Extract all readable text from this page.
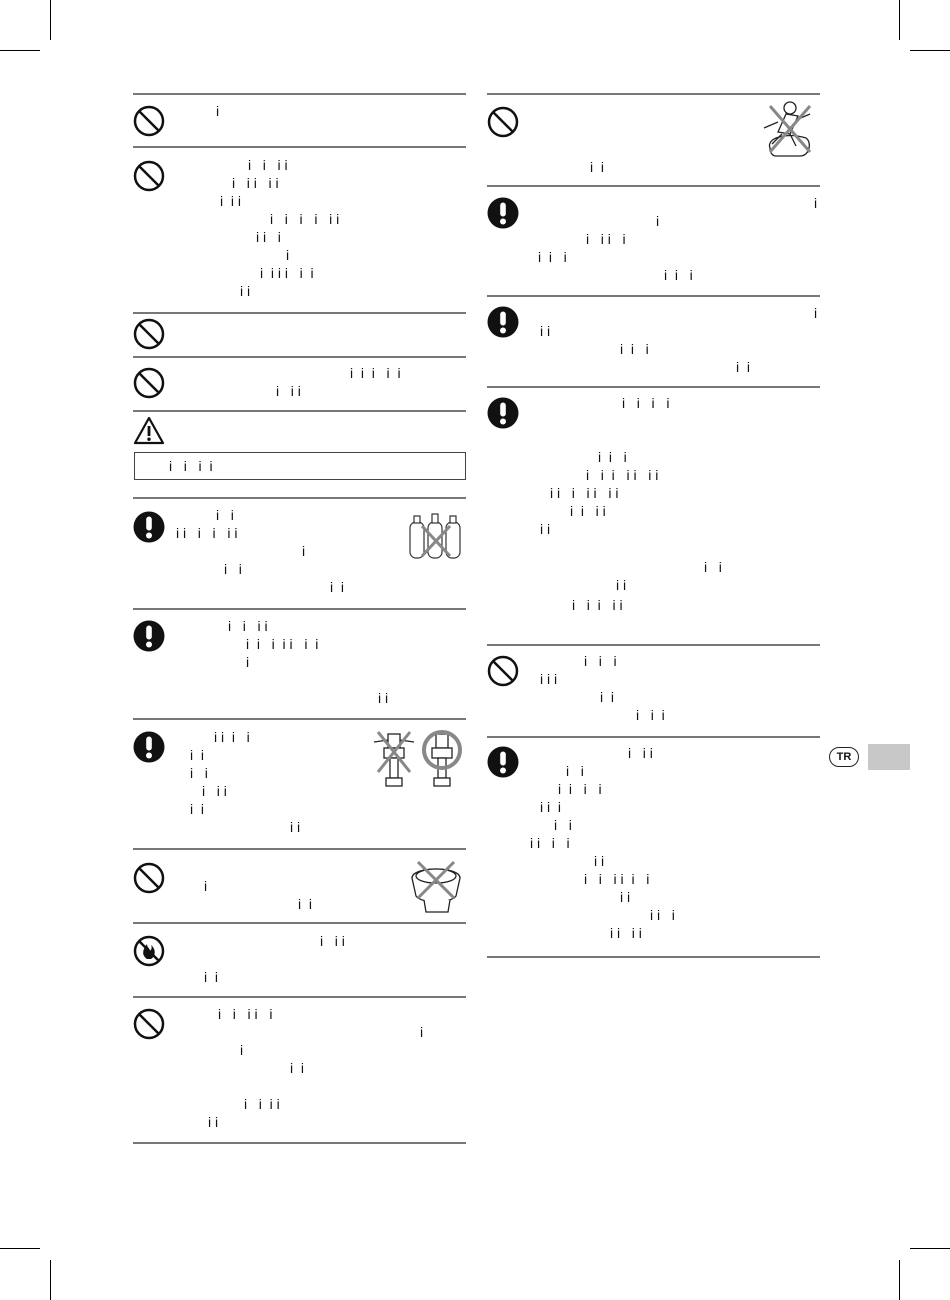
i
i   i   i i
i   i i   i i
i  i i
i   i   i   i   i i
i i   i
i
i  i i i   i  i
i i
i  i  i   i  i
i   i i
i   i   i  i
i   i
i i   i   i   i i
i
i   i
i  i
i   i   i i
i  i   i  i i   i  i
i
i i
i i  i   i
i  i
i   i
i   i i
i  i
i i
i
i  i
i   i i
i  i
i   i   i i   i
i
i
i  i
i   i  i i
i i
i  i
i
i
i   i i   i
i  i   i
i  i   i
i
i i
i  i   i
i  i
i   i   i   i
i  i   i
i   i  i   i i   i i
i i   i   i i   i i
i  i   i i
i i
i   i
i i
i   i  i   i i
i   i   i
i i i
i  i
i   i  i
i   i i
i   i
i  i   i   i
i i  i
i   i
i i   i   i
i i
i   i   i i  i   i
i i
i i   i
i i   i i
TR
